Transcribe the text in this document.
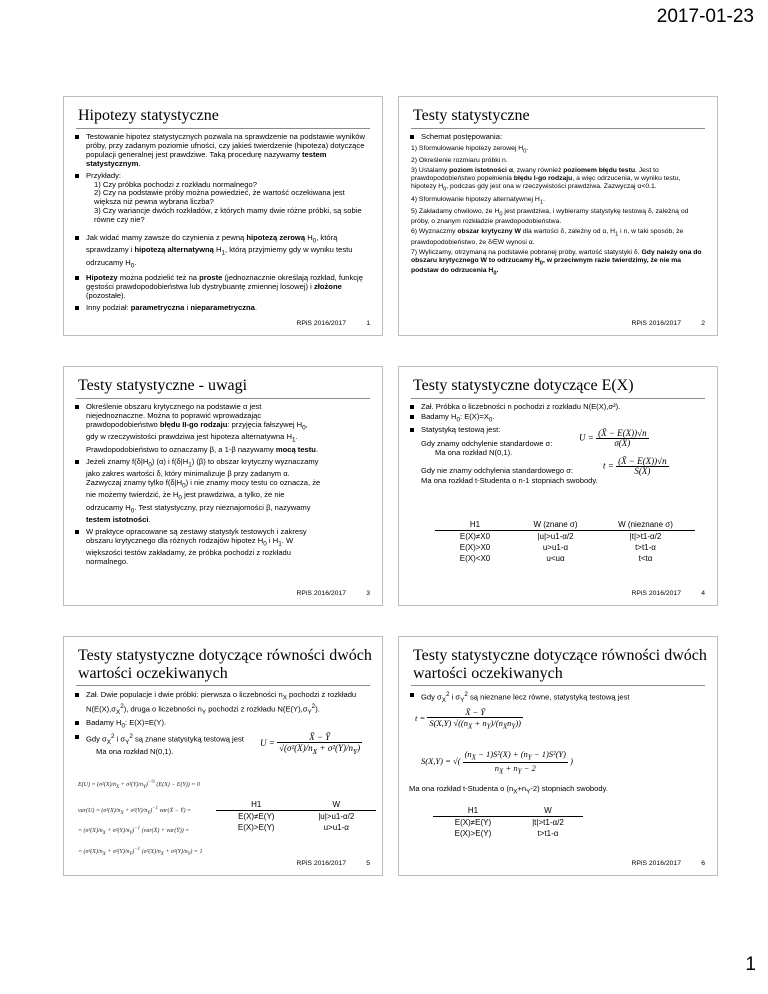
2017-01-23
Hipotezy statystyczne
Testowanie hipotez statystycznych pozwala na sprawdzenie na podstawie wyników próby, przy zadanym poziomie ufności, czy jakieś twierdzenie (hipoteza) dotyczące populacji generalnej jest prawdziwe. Taką procedurę nazywamy testem statystycznym.
Przykłady:
1) Czy próbka pochodzi z rozkładu normalnego?
2) Czy na podstawie próby można powiedzieć, że wartość oczekiwana jest większa niż pewna wybrana liczba?
3) Czy wariancje dwóch rozkładów, z których mamy dwie różne próbki, są sobie równe czy nie?
Jak widać mamy zawsze do czynienia z pewną hipotezą zerową $H_0$, którą sprawdzamy i hipotezą alternatywną $H_1$, którą przyjmiemy gdy w wyniku testu odrzucamy $H_0$.
Hipotezy można podzielić też na proste (jednoznacznie określają rozkład, funkcję gęstości prawdopodobieństwa lub dystrybuantę zmiennej losowej) i złożone (pozostałe).
Inny podział: parametryczna i nieparametryczna.
RPiS 2016/2017	1
Testy statystyczne
Schemat postępowania:
1) Sformułowanie hipotezy zerowej $H_0$.
2) Określenie rozmiaru próbki n.
3) Ustalamy poziom istotności α, zwany również poziomem błędu testu. Jest to prawdopodobieństwo popełnienia błędu I-go rodzaju, a więc odrzucenia, w wyniku testu, hipotezy $H_0$, podczas gdy jest ona w rzeczywistości prawdziwa. Zazwyczaj α<0.1.
4) Sformułowanie hipotezy alternatywnej $H_1$.
5) Zakładamy chwilowo, że $H_0$ jest prawdziwa, i wybieramy statystykę testową δ, zależną od próby, o znanym rozkładzie prawdopodobieństwa.
6) Wyznaczmy obszar krytyczny W dla wartości δ, zależny od α, $H_1$ i n, w taki sposób, że prawdopodobieństwo, że δ∈W wynosi α.
7) Wyliczamy, otrzymaną na podstawie pobranej próby, wartość statystyki δ. Gdy należy ona do obszaru krytycznego W to odrzucamy $H_0$, w przeciwnym razie twierdzimy, że nie ma podstaw do odrzucenia $H_0$.
RPiS 2016/2017	2
Testy statystyczne - uwagi
Określenie obszaru krytycznego na podstawie α jest niejednoznaczne. Można to poprawić wprowadzając prawdopodobieństwo błędu II-go rodzaju: przyjęcia fałszywej $H_0$, gdy w rzeczywistości prawdziwa jest hipoteza alternatywna $H_1$. Prawdopodobieństwo to oznaczamy β, a 1-β nazywamy mocą testu.
Jeżeli znamy $f(\delta|H_0)$ (α) i $f(\delta|H_1)$ (β) to obszar krytyczny wyznaczamy jako zakres wartości δ, który minimalizuje β przy zadanym α. Zazwyczaj znamy tylko $f(\delta|H_0)$ i nie znamy mocy testu co oznacza, że nie możemy twierdzić, że $H_0$ jest prawdziwa, a tylko, że nie odrzucamy $H_0$. Test statystyczny, przy nieznajomości β, nazywamy testem istotności.
W praktyce opracowane są zestawy statystyk testowych i zakresy obszaru krytycznego dla różnych rodzajów hipotez $H_0$ i $H_1$. W większości testów zakładamy, że próbka pochodzi z rozkładu normalnego.
RPiS 2016/2017	3
Testy statystyczne dotyczące E(X)
Zał. Próbka o liczebności n pochodzi z rozkładu N(E(X),σ²).
Badamy $H_0$: $E(X)=X_0$.
Statystyką testową jest:
Gdy znamy odchylenie standardowe σ:
$U = \frac{(X̄ - E(X))√n}{\sigma(X)}$
Ma ona rozkład N(0,1).
Gdy nie znamy odchylenia standardowego σ:
$t = \frac{(X̄ - E(X))√n}{S(X)}$
Ma ona rozkład t-Studenta o n-1 stopniach swobody.
H1	W (znane σ)	W (nieznane σ)
E(X)≠X0	|u|>u1-α/2	|t|>t1-α/2
E(X)>X0	u>u1-α	t>t1-α
E(X)<X0	u<uα	t<tα
RPiS 2016/2017	4
Testy statystyczne dotyczące równości dwóch wartości oczekiwanych
Zał. Dwie populacje i dwie próbki: pierwsza o liczebności $n_X$ pochodzi z rozkładu $N(E(X),\sigma_X^2)$, druga o liczebności $n_Y$ pochodzi z rozkładu $N(E(Y),\sigma_Y^2)$.
Badamy $H_0$: E(X)=E(Y).
Gdy $\sigma_X^2$ i $\sigma_Y^2$ są znane statystyką testową jest
Ma ona rozkład N(0,1).
$U = \frac{X̄ - Ȳ}{√(\sigma^2(X)/n_X + \sigma^2(Y)/n_Y)}$
$E(U) = (\sigma^2(X)/n_X + \sigma^2(Y)/n_Y)^{-\frac{1}{2}}$ (E(X) − E(Y)) = 0
$var(U) = (\sigma^2(X)/n_X + \sigma^2(Y)/n_Y)^{-1}$ var(X̄ − Ȳ) =
= $(\sigma^2(X)/n_X + \sigma^2(Y)/n_Y)^{-1}$ (var(X̄) + var(Ȳ)) =
= $(\sigma^2(X)/n_X + \sigma^2(Y)/n_Y)^{-1}$ $(\sigma^2(X)/n_X + \sigma^2(Y)/n_Y) = 1$
H1	W
E(X)≠E(Y)	|u|>u1-α/2
E(X)>E(Y)	u>u1-α
RPiS 2016/2017	5
Testy statystyczne dotyczące równości dwóch wartości oczekiwanych
Gdy $\sigma_X^2$ i $\sigma_Y^2$ są nieznane lecz równe, statystyką testową jest
$t = \frac{X̄ - Ȳ}{S(X,Y) √((n_X + n_Y)/(n_Xn_Y))}$
S(X,Y) = √( $\frac{(n_X - 1)S^2(X) + (n_Y - 1)S^2(Y)}{n_X + n_Y - 2}$ )
Ma ona rozkład t-Studenta o $(n_X+n_Y-2)$ stopniach swobody.
H1	W
E(X)≠E(Y)	|t|>t1-α/2
E(X)>E(Y)	t>t1-α
RPiS 2016/2017	6
1
